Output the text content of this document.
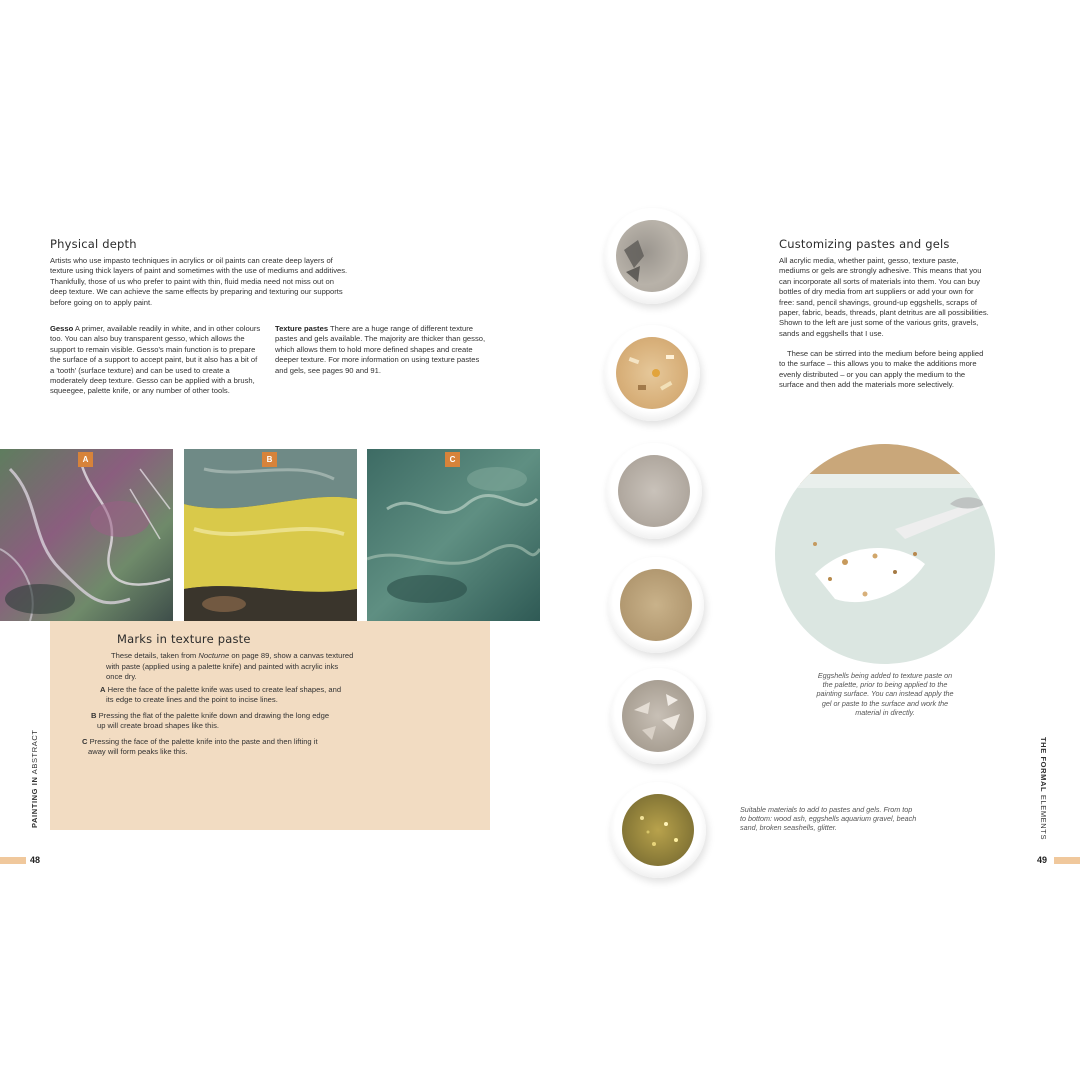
Physical depth
Artists who use impasto techniques in acrylics or oil paints can create deep layers of texture using thick layers of paint and sometimes with the use of mediums and additives. Thankfully, those of us who prefer to paint with thin, fluid media need not miss out on deep texture. We can achieve the same effects by preparing and texturing our supports before going on to apply paint.
Gesso A primer, available readily in white, and in other colours too. You can also buy transparent gesso, which allows the support to remain visible. Gesso's main function is to prepare the surface of a support to accept paint, but it also has a bit of a 'tooth' (surface texture) and can be used to create a moderately deep texture. Gesso can be applied with a brush, squeegee, palette knife, or any number of other tools.
Texture pastes There are a huge range of different texture pastes and gels available. The majority are thicker than gesso, which allows them to hold more defined shapes and create deeper texture. For more information on using texture pastes and gels, see pages 90 and 91.
A	B	C
Marks in texture paste
These details, taken from Nocturne on page 89, show a canvas textured
with paste (applied using a palette knife) and painted with acrylic inks
once dry.
A Here the face of the palette knife was used to create leaf shapes, and
its edge to create lines and the point to incise lines.
B Pressing the flat of the palette knife down and drawing the long edge
up will create broad shapes like this.
C Pressing the face of the palette knife into the paste and then lifting it
away will form peaks like this.
PAINTING IN ABSTRACT
48
Customizing pastes and gels
All acrylic media, whether paint, gesso, texture paste, mediums or gels are strongly adhesive. This means that you can incorporate all sorts of materials into them. You can buy bottles of dry media from art suppliers or add your own for free: sand, pencil shavings, ground-up eggshells, scraps of paper, fabric, beads, threads, plant detritus are all possibilities. Shown to the left are just some of the various grits, gravels, sands and eggshells that I use.
These can be stirred into the medium before being applied to the surface – this allows you to make the additions more evenly distributed – or you can apply the medium to the surface and then add the materials more selectively.
Eggshells being added to texture paste on the palette, prior to being applied to the painting surface. You can instead apply the gel or paste to the surface and work the material in directly.
Suitable materials to add to pastes and gels. From top to bottom: wood ash, eggshells aquarium gravel, beach sand, broken seashells, glitter.
THE FORMAL ELEMENTS
49
